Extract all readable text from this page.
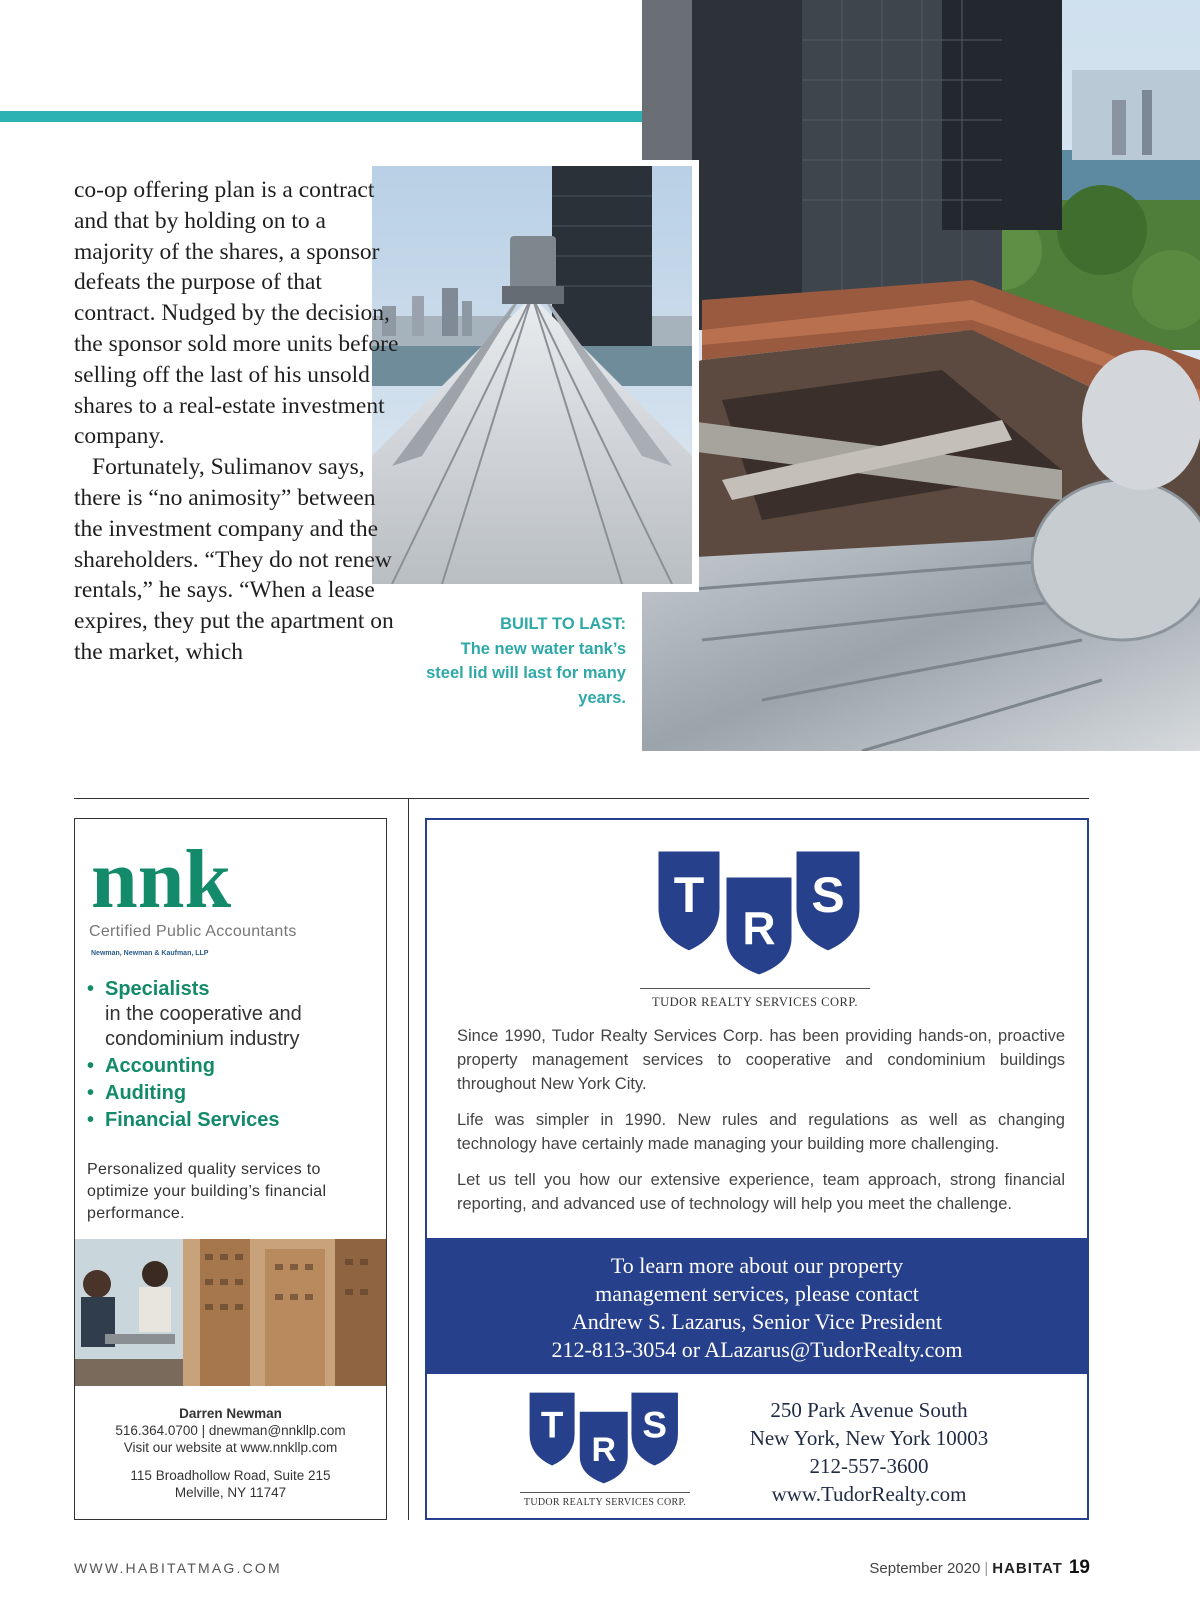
co-op offering plan is a contract and that by holding on to a majority of the shares, a sponsor defeats the purpose of that contract. Nudged by the decision, the sponsor sold more units before selling off the last of his unsold shares to a real-estate investment company.

Fortunately, Sulimanov says, there is “no animosity” between the investment company and the shareholders. “They do not renew rentals,” he says. “When a lease expires, they put the apartment on the market, which

BUILT TO LAST:
The new water tank’s steel lid will last for many years.
nnk
Certified Public Accountants
Newman, Newman & Kaufman, LLP
• Specialists
in the cooperative and condominium industry
• Accounting
• Auditing
• Financial Services
Personalized quality services to optimize your building’s financial performance.
Darren Newman
516.364.0700 | dnewman@nnkllp.com
Visit our website at www.nnkllp.com
115 Broadhollow Road, Suite 215
Melville, NY 11747
T
R
S
TUDOR REALTY SERVICES CORP.

Since 1990, Tudor Realty Services Corp. has been providing hands-on, proactive property management services to cooperative and condominium buildings throughout New York City.

Life was simpler in 1990. New rules and regulations as well as changing technology have certainly made managing your building more challenging.

Let us tell you how our extensive experience, team approach, strong financial reporting, and advanced use of technology will help you meet the challenge.

To learn more about our property
management services, please contact
Andrew S. Lazarus, Senior Vice President
212-813-3054 or ALazarus@TudorRealty.com
T
R
S
TUDOR REALTY SERVICES CORP.
250 Park Avenue South
New York, New York 10003
212-557-3600
www.TudorRealty.com
WWW.HABITATMAG.COM	September 2020 | HABITAT 19
